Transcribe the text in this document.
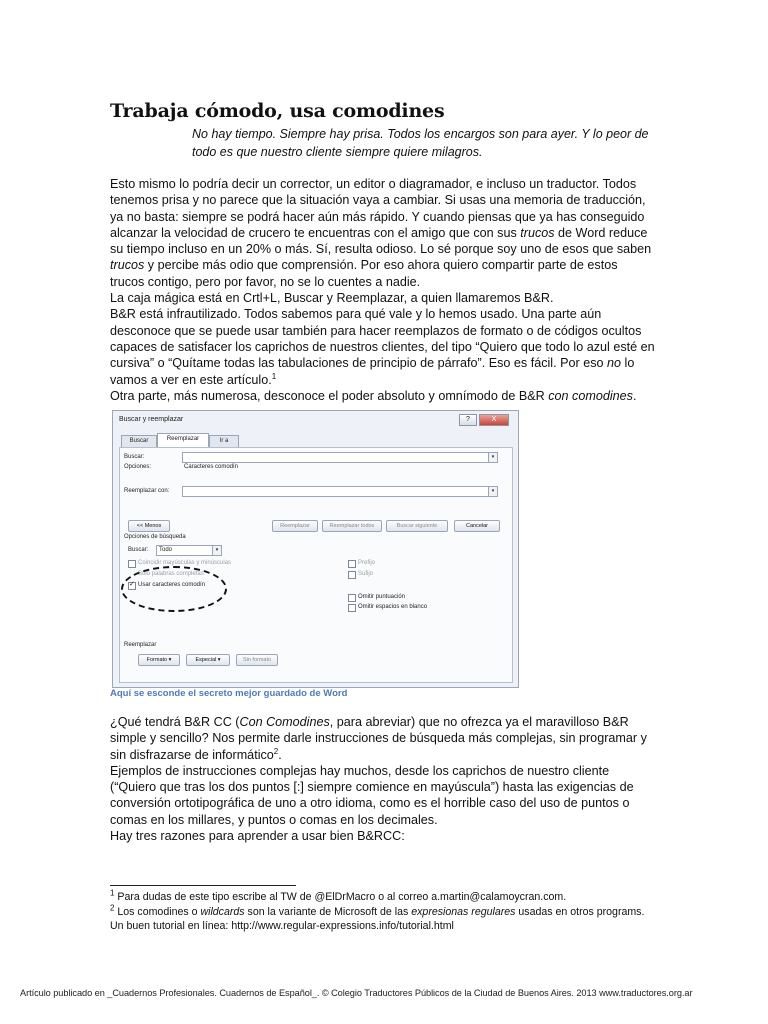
Trabaja cómodo, usa comodines
No hay tiempo. Siempre hay prisa. Todos los encargos son para ayer. Y lo peor de todo es que nuestro cliente siempre quiere milagros.

Esto mismo lo podría decir un corrector, un editor o diagramador, e incluso un traductor. Todos tenemos prisa y no parece que la situación vaya a cambiar. Si usas una memoria de traducción, ya no basta: siempre se podrá hacer aún más rápido. Y cuando piensas que ya has conseguido alcanzar la velocidad de crucero te encuentras con el amigo que con sus trucos de Word reduce su tiempo incluso en un 20% o más. Sí, resulta odioso. Lo sé porque soy uno de esos que saben trucos y percibe más odio que comprensión. Por eso ahora quiero compartir parte de estos trucos contigo, pero por favor, no se lo cuentes a nadie.

La caja mágica está en Crtl+L, Buscar y Reemplazar, a quien llamaremos B&R.

B&R está infrautilizado. Todos sabemos para qué vale y lo hemos usado. Una parte aún desconoce que se puede usar también para hacer reemplazos de formato o de códigos ocultos capaces de satisfacer los caprichos de nuestros clientes, del tipo “Quiero que todo lo azul esté en cursiva” o “Quítame todas las tabulaciones de principio de párrafo”. Eso es fácil. Por eso no lo vamos a ver en este artículo.$^1$

Otra parte, más numerosa, desconoce el poder absoluto y omnímodo de B&R con comodines.

Buscar y reemplazar	?	X
Buscar	Reemplazar	Ir a
Buscar:	▾
Opciones:	Caracteres comodín
Reemplazar con:	▾
<< Menos	Reemplazar	Reemplazar todos	Buscar siguiente	Cancelar
Opciones de búsqueda
Buscar: Todo	▾
Coincidir mayúsculas y minúsculas
Sólo palabras completas
✓
Usar caracteres comodín
Prefijo
Sufijo
Omitir puntuación
Omitir espacios en blanco
Reemplazar
Formato ▾	Especial ▾	Sin formato
Aquí se esconde el secreto mejor guardado de Word

¿Qué tendrá B&R CC (Con Comodines, para abreviar) que no ofrezca ya el maravilloso B&R simple y sencillo? Nos permite darle instrucciones de búsqueda más complejas, sin programar y sin disfrazarse de informático$^2$.

Ejemplos de instrucciones complejas hay muchos, desde los caprichos de nuestro cliente (“Quiero que tras los dos puntos [:] siempre comience en mayúscula”) hasta las exigencias de conversión ortotipográfica de uno a otro idioma, como es el horrible caso del uso de puntos o comas en los millares, y puntos o comas en los decimales.

Hay tres razones para aprender a usar bien B&RCC:

$^1$ Para dudas de este tipo escribe al TW de @ElDrMacro o al correo a.martin@calamoycran.com.

$^2$ Los comodines o wildcards son la variante de Microsoft de las expresionas regulares usadas en otros programs. Un buen tutorial en línea: http://www.regular-expressions.info/tutorial.html

Artículo publicado en _Cuadernos Profesionales. Cuadernos de Español_. © Colegio Traductores Públicos de la Ciudad de Buenos Aires. 2013 www.traductores.org.ar
